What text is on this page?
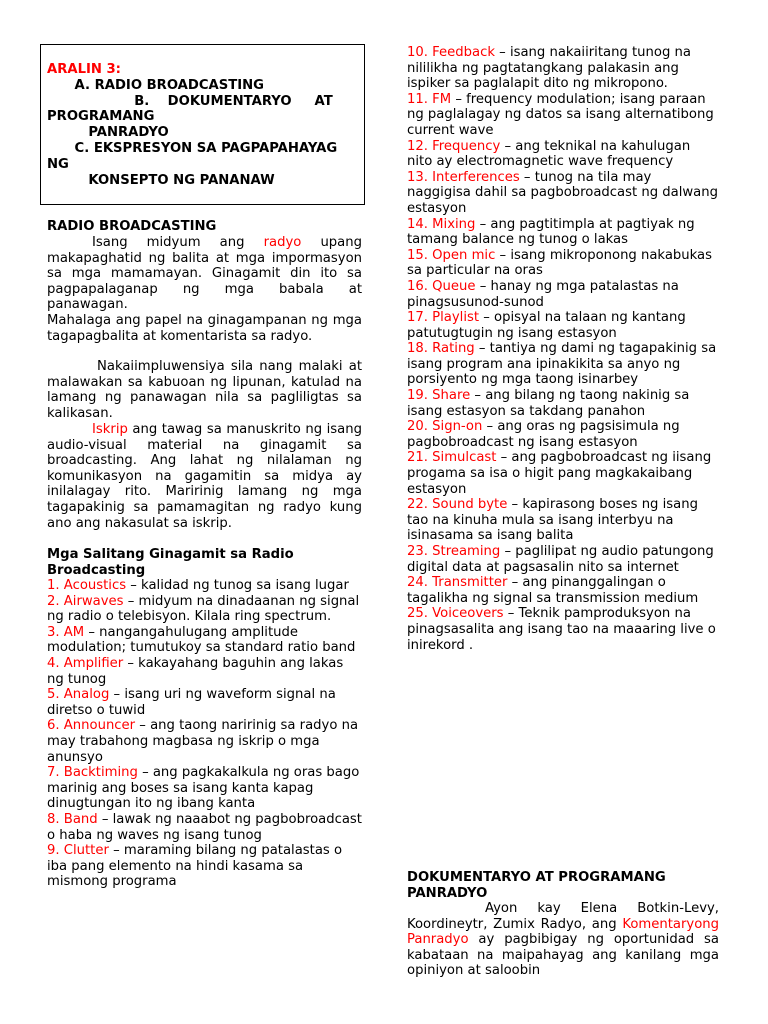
ARALIN 3:
A. RADIO BROADCASTING
B.    DOKUMENTARYO     AT
PROGRAMANG
PANRADYO
C. EKSPRESYON SA PAGPAPAHAYAG
NG
KONSEPTO NG PANANAW
RADIO BROADCASTING
Isang midyum ang radyo upang makapaghatid ng balita at mga impormasyon sa mga mamamayan. Ginagamit din ito sa pagpapalaganap ng mga babala at panawagan.
Mahalaga ang papel na ginagampanan ng mga tagapagbalita at komentarista sa radyo.
Nakaiimpluwensiya sila nang malaki at malawakan sa kabuoan ng lipunan, katulad na lamang ng panawagan nila sa pagliligtas sa kalikasan.
Iskrip ang tawag sa manuskrito ng isang audio-visual material na ginagamit sa broadcasting. Ang lahat ng nilalaman ng komunikasyon na gagamitin sa midya ay inilalagay rito. Maririnig lamang ng mga tagapakinig sa pamamagitan ng radyo kung ano ang nakasulat sa iskrip.
Mga Salitang Ginagamit sa Radio Broadcasting

1. Acoustics – kalidad ng tunog sa isang lugar

2. Airwaves – midyum na dinadaanan ng signal ng radio o telebisyon. Kilala ring spectrum.

3. AM – nangangahulugang amplitude modulation; tumutukoy sa standard ratio band

4. Amplifier – kakayahang baguhin ang lakas ng tunog

5. Analog – isang uri ng waveform signal na diretso o tuwid

6. Announcer – ang taong naririnig sa radyo na may trabahong magbasa ng iskrip o mga anunsyo

7. Backtiming – ang pagkakalkula ng oras bago marinig ang boses sa isang kanta kapag dinugtungan ito ng ibang kanta

8. Band – lawak ng naaabot ng pagbobroadcast o haba ng waves ng isang tunog

9. Clutter – maraming bilang ng patalastas o iba pang elemento na hindi kasama sa mismong programa

10. Feedback – isang nakaiiritang tunog na nililikha ng pagtatangkang palakasin ang ispiker sa paglalapit dito ng mikropono.

11. FM – frequency modulation; isang paraan ng paglalagay ng datos sa isang alternatibong current wave

12. Frequency – ang teknikal na kahulugan nito ay electromagnetic wave frequency

13. Interferences – tunog na tila may naggigisa dahil sa pagbobroadcast ng dalwang estasyon

14. Mixing – ang pagtitimpla at pagtiyak ng tamang balance ng tunog o lakas

15. Open mic – isang mikroponong nakabukas sa particular na oras

16. Queue – hanay ng mga patalastas na pinagsusunod-sunod

17. Playlist – opisyal na talaan ng kantang patutugtugin ng isang estasyon

18. Rating – tantiya ng dami ng tagapakinig sa isang program ana ipinakikita sa anyo ng porsiyento ng mga taong isinarbey

19. Share – ang bilang ng taong nakinig sa isang estasyon sa takdang panahon

20. Sign-on – ang oras ng pagsisimula ng pagbobroadcast ng isang estasyon

21. Simulcast – ang pagbobroadcast ng iisang progama sa isa o higit pang magkakaibang estasyon

22. Sound byte – kapirasong boses ng isang tao na kinuha mula sa isang interbyu na isinasama sa isang balita

23. Streaming – paglilipat ng audio patungong digital data at pagsasalin nito sa internet

24. Transmitter – ang pinanggalingan o tagalikha ng signal sa transmission medium

25. Voiceovers – Teknik pamproduksyon na pinagsasalita ang isang tao na maaaring live o inirekord .

DOKUMENTARYO AT PROGRAMANG PANRADYO
Ayon kay Elena Botkin-Levy, Koordineytr, Zumix Radyo, ang Komentaryong Panradyo ay pagbibigay ng oportunidad sa kabataan na maipahayag ang kanilang mga opiniyon at saloobin
